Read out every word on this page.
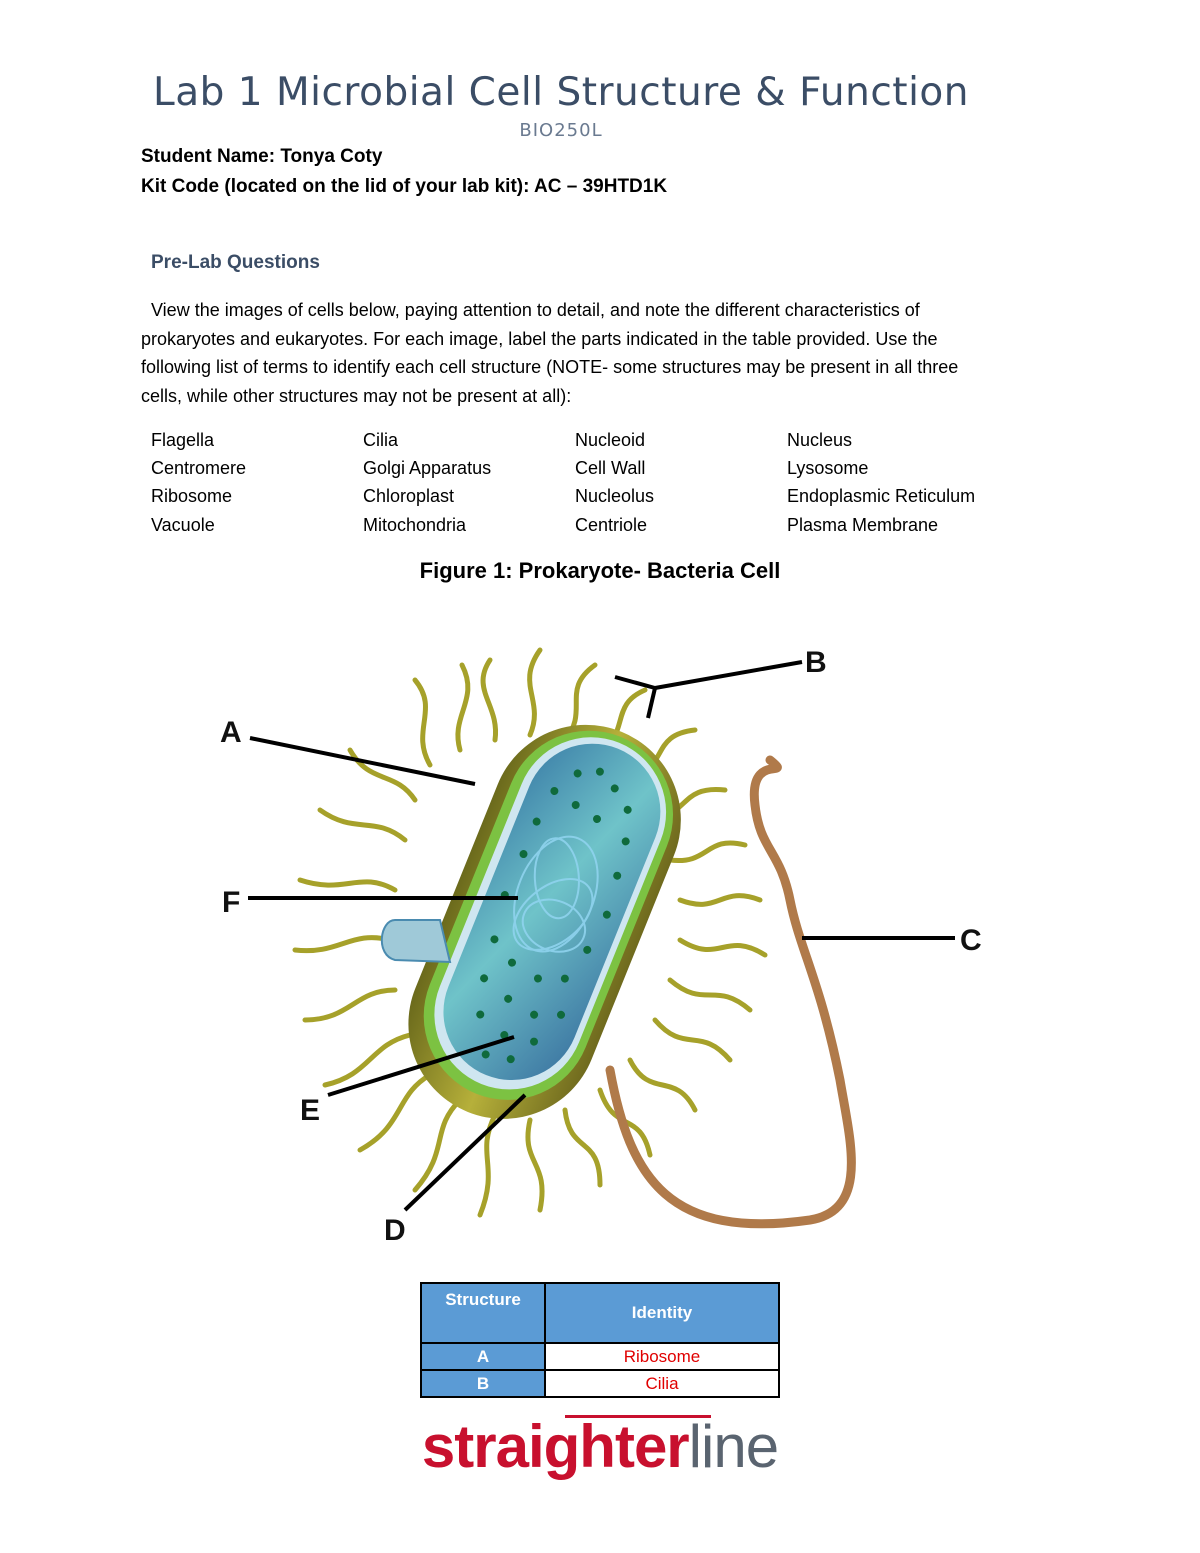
Lab 1 Microbial Cell Structure & Function
BIO250L
Student Name: Tonya Coty
Kit Code (located on the lid of your lab kit): AC – 39HTD1K
Pre-Lab Questions
View the images of cells below, paying attention to detail, and note the different characteristics of
prokaryotes and eukaryotes. For each image, label the parts indicated in the table provided. Use the
following list of terms to identify each cell structure (NOTE- some structures may be present in all three
cells, while other structures may not be present at all):
Flagella	Cilia	Nucleoid	Nucleus
Centromere	Golgi Apparatus	Cell Wall	Lysosome
Ribosome	Chloroplast	Nucleolus	Endoplasmic Reticulum
Vacuole	Mitochondria	Centriole	Plasma Membrane
Figure 1: Prokaryote- Bacteria Cell
A
B
C
D
E
F
Structure	Identity
A	Ribosome
B	Cilia
straighterline
